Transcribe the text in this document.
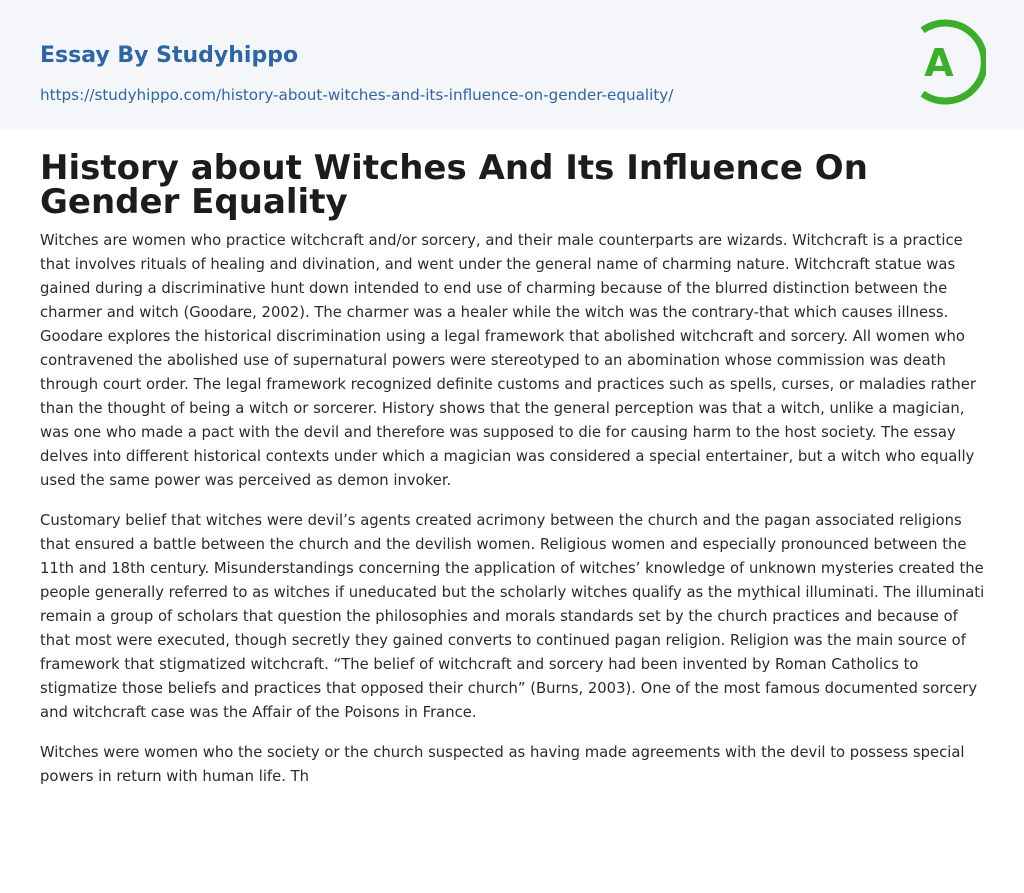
Essay By Studyhippo
https://studyhippo.com/history-about-witches-and-its-influence-on-gender-equality/
A
History about Witches And Its Influence On Gender Equality

Witches are women who practice witchcraft and/or sorcery, and their male counterparts are wizards. Witchcraft is a practice that involves rituals of healing and divination, and went under the general name of charming nature. Witchcraft statue was gained during a discriminative hunt down intended to end use of charming because of the blurred distinction between the charmer and witch (Goodare, 2002). The charmer was a healer while the witch was the contrary-that which causes illness. Goodare explores the historical discrimination using a legal framework that abolished witchcraft and sorcery. All women who contravened the abolished use of supernatural powers were stereotyped to an abomination whose commission was death through court order. The legal framework recognized definite customs and practices such as spells, curses, or maladies rather than the thought of being a witch or sorcerer. History shows that the general perception was that a witch, unlike a magician, was one who made a pact with the devil and therefore was supposed to die for causing harm to the host society. The essay delves into different historical contexts under which a magician was considered a special entertainer, but a witch who equally used the same power was perceived as demon invoker.

Customary belief that witches were devil’s agents created acrimony between the church and the pagan associated religions that ensured a battle between the church and the devilish women. Religious women and especially pronounced between the 11th and 18th century. Misunderstandings concerning the application of witches’ knowledge of unknown mysteries created the people generally referred to as witches if uneducated but the scholarly witches qualify as the mythical illuminati. The illuminati remain a group of scholars that question the philosophies and morals standards set by the church practices and because of that most were executed, though secretly they gained converts to continued pagan religion. Religion was the main source of framework that stigmatized witchcraft. “The belief of witchcraft and sorcery had been invented by Roman Catholics to stigmatize those beliefs and practices that opposed their church” (Burns, 2003). One of the most famous documented sorcery and witchcraft case was the Affair of the Poisons in France.

Witches were women who the society or the church suspected as having made agreements with the devil to possess special powers in return with human life. Th
